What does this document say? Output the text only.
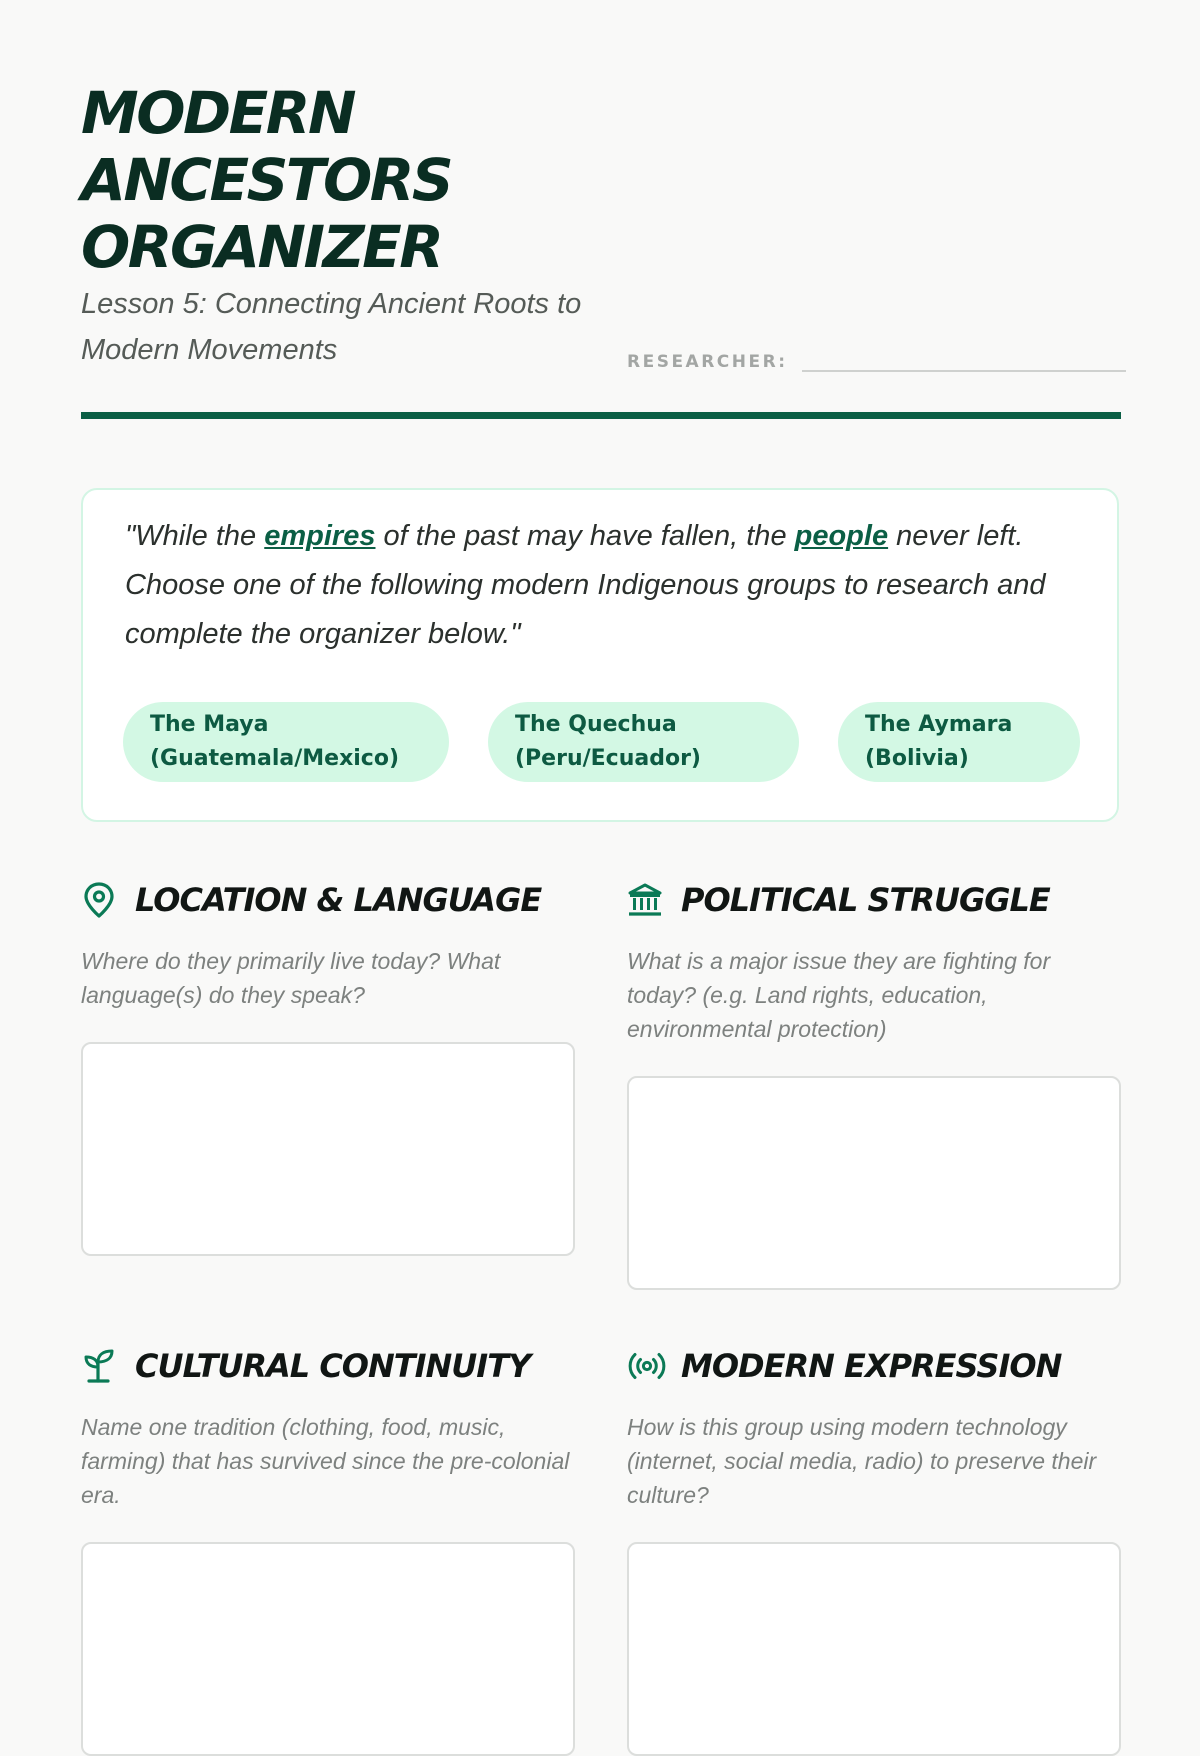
MODERN
ANCESTORS
ORGANIZER
Lesson 5: Connecting Ancient Roots to
Modern Movements	RESEARCHER:
"While the empires of the past may have fallen, the people never left. Choose one of the following modern Indigenous groups to research and complete the organizer below."
The Maya
(Guatemala/Mexico)
The Quechua
(Peru/Ecuador)
The Aymara
(Bolivia)
LOCATION & LANGUAGE
Where do they primarily live today? What language(s) do they speak?
POLITICAL STRUGGLE
What is a major issue they are fighting for today? (e.g. Land rights, education, environmental protection)
CULTURAL CONTINUITY
Name one tradition (clothing, food, music, farming) that has survived since the pre-colonial era.
MODERN EXPRESSION
How is this group using modern technology (internet, social media, radio) to preserve their culture?
